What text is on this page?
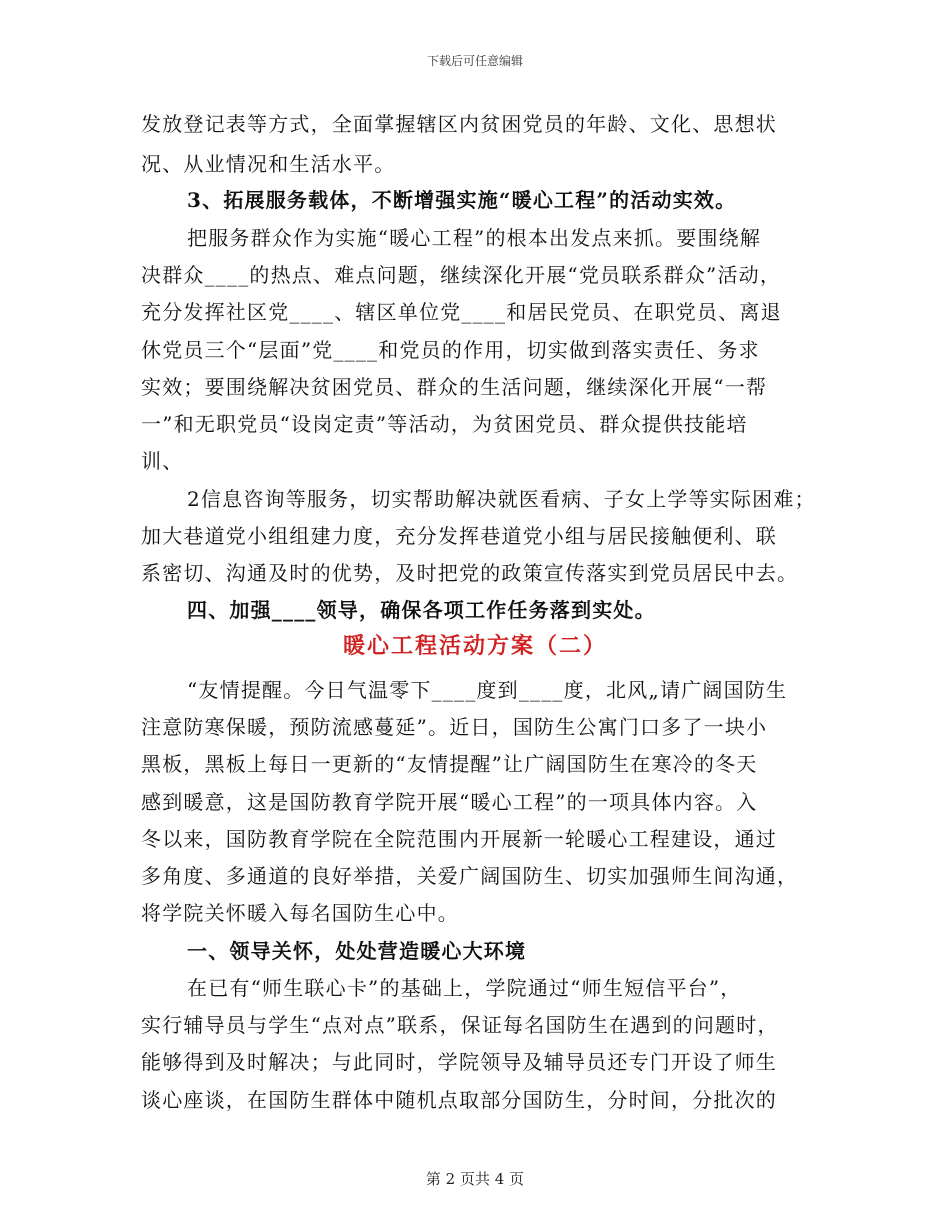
下载后可任意编辑
发放登记表等方式，全面掌握辖区内贫困党员的年龄、文化、思想状
况、从业情况和生活水平。
3、拓展服务载体，不断增强实施“暖心工程”的活动实效。
把服务群众作为实施“暖心工程”的根本出发点来抓。要围绕解
决群众____的热点、难点问题，继续深化开展“党员联系群众”活动，
充分发挥社区党____、辖区单位党____和居民党员、在职党员、离退
休党员三个“层面”党____和党员的作用，切实做到落实责任、务求
实效；要围绕解决贫困党员、群众的生活问题，继续深化开展“一帮
一”和无职党员“设岗定责”等活动，为贫困党员、群众提供技能培
训、
2信息咨询等服务，切实帮助解决就医看病、子女上学等实际困难；
加大巷道党小组组建力度，充分发挥巷道党小组与居民接触便利、联
系密切、沟通及时的优势，及时把党的政策宣传落实到党员居民中去。
四、加强____领导，确保各项工作任务落到实处。
暖心工程活动方案（二）
“友情提醒。今日气温零下____度到____度，北风„请广阔国防生
注意防寒保暖，预防流感蔓延”。近日，国防生公寓门口多了一块小
黑板，黑板上每日一更新的“友情提醒”让广阔国防生在寒冷的冬天
感到暖意，这是国防教育学院开展“暖心工程”的一项具体内容。入
冬以来，国防教育学院在全院范围内开展新一轮暖心工程建设，通过
多角度、多通道的良好举措，关爱广阔国防生、切实加强师生间沟通，
将学院关怀暖入每名国防生心中。
一、领导关怀，处处营造暖心大环境
在已有“师生联心卡”的基础上，学院通过“师生短信平台”，
实行辅导员与学生“点对点”联系，保证每名国防生在遇到的问题时，
能够得到及时解决；与此同时，学院领导及辅导员还专门开设了师生
谈心座谈，在国防生群体中随机点取部分国防生，分时间，分批次的
第 2 页共 4 页
